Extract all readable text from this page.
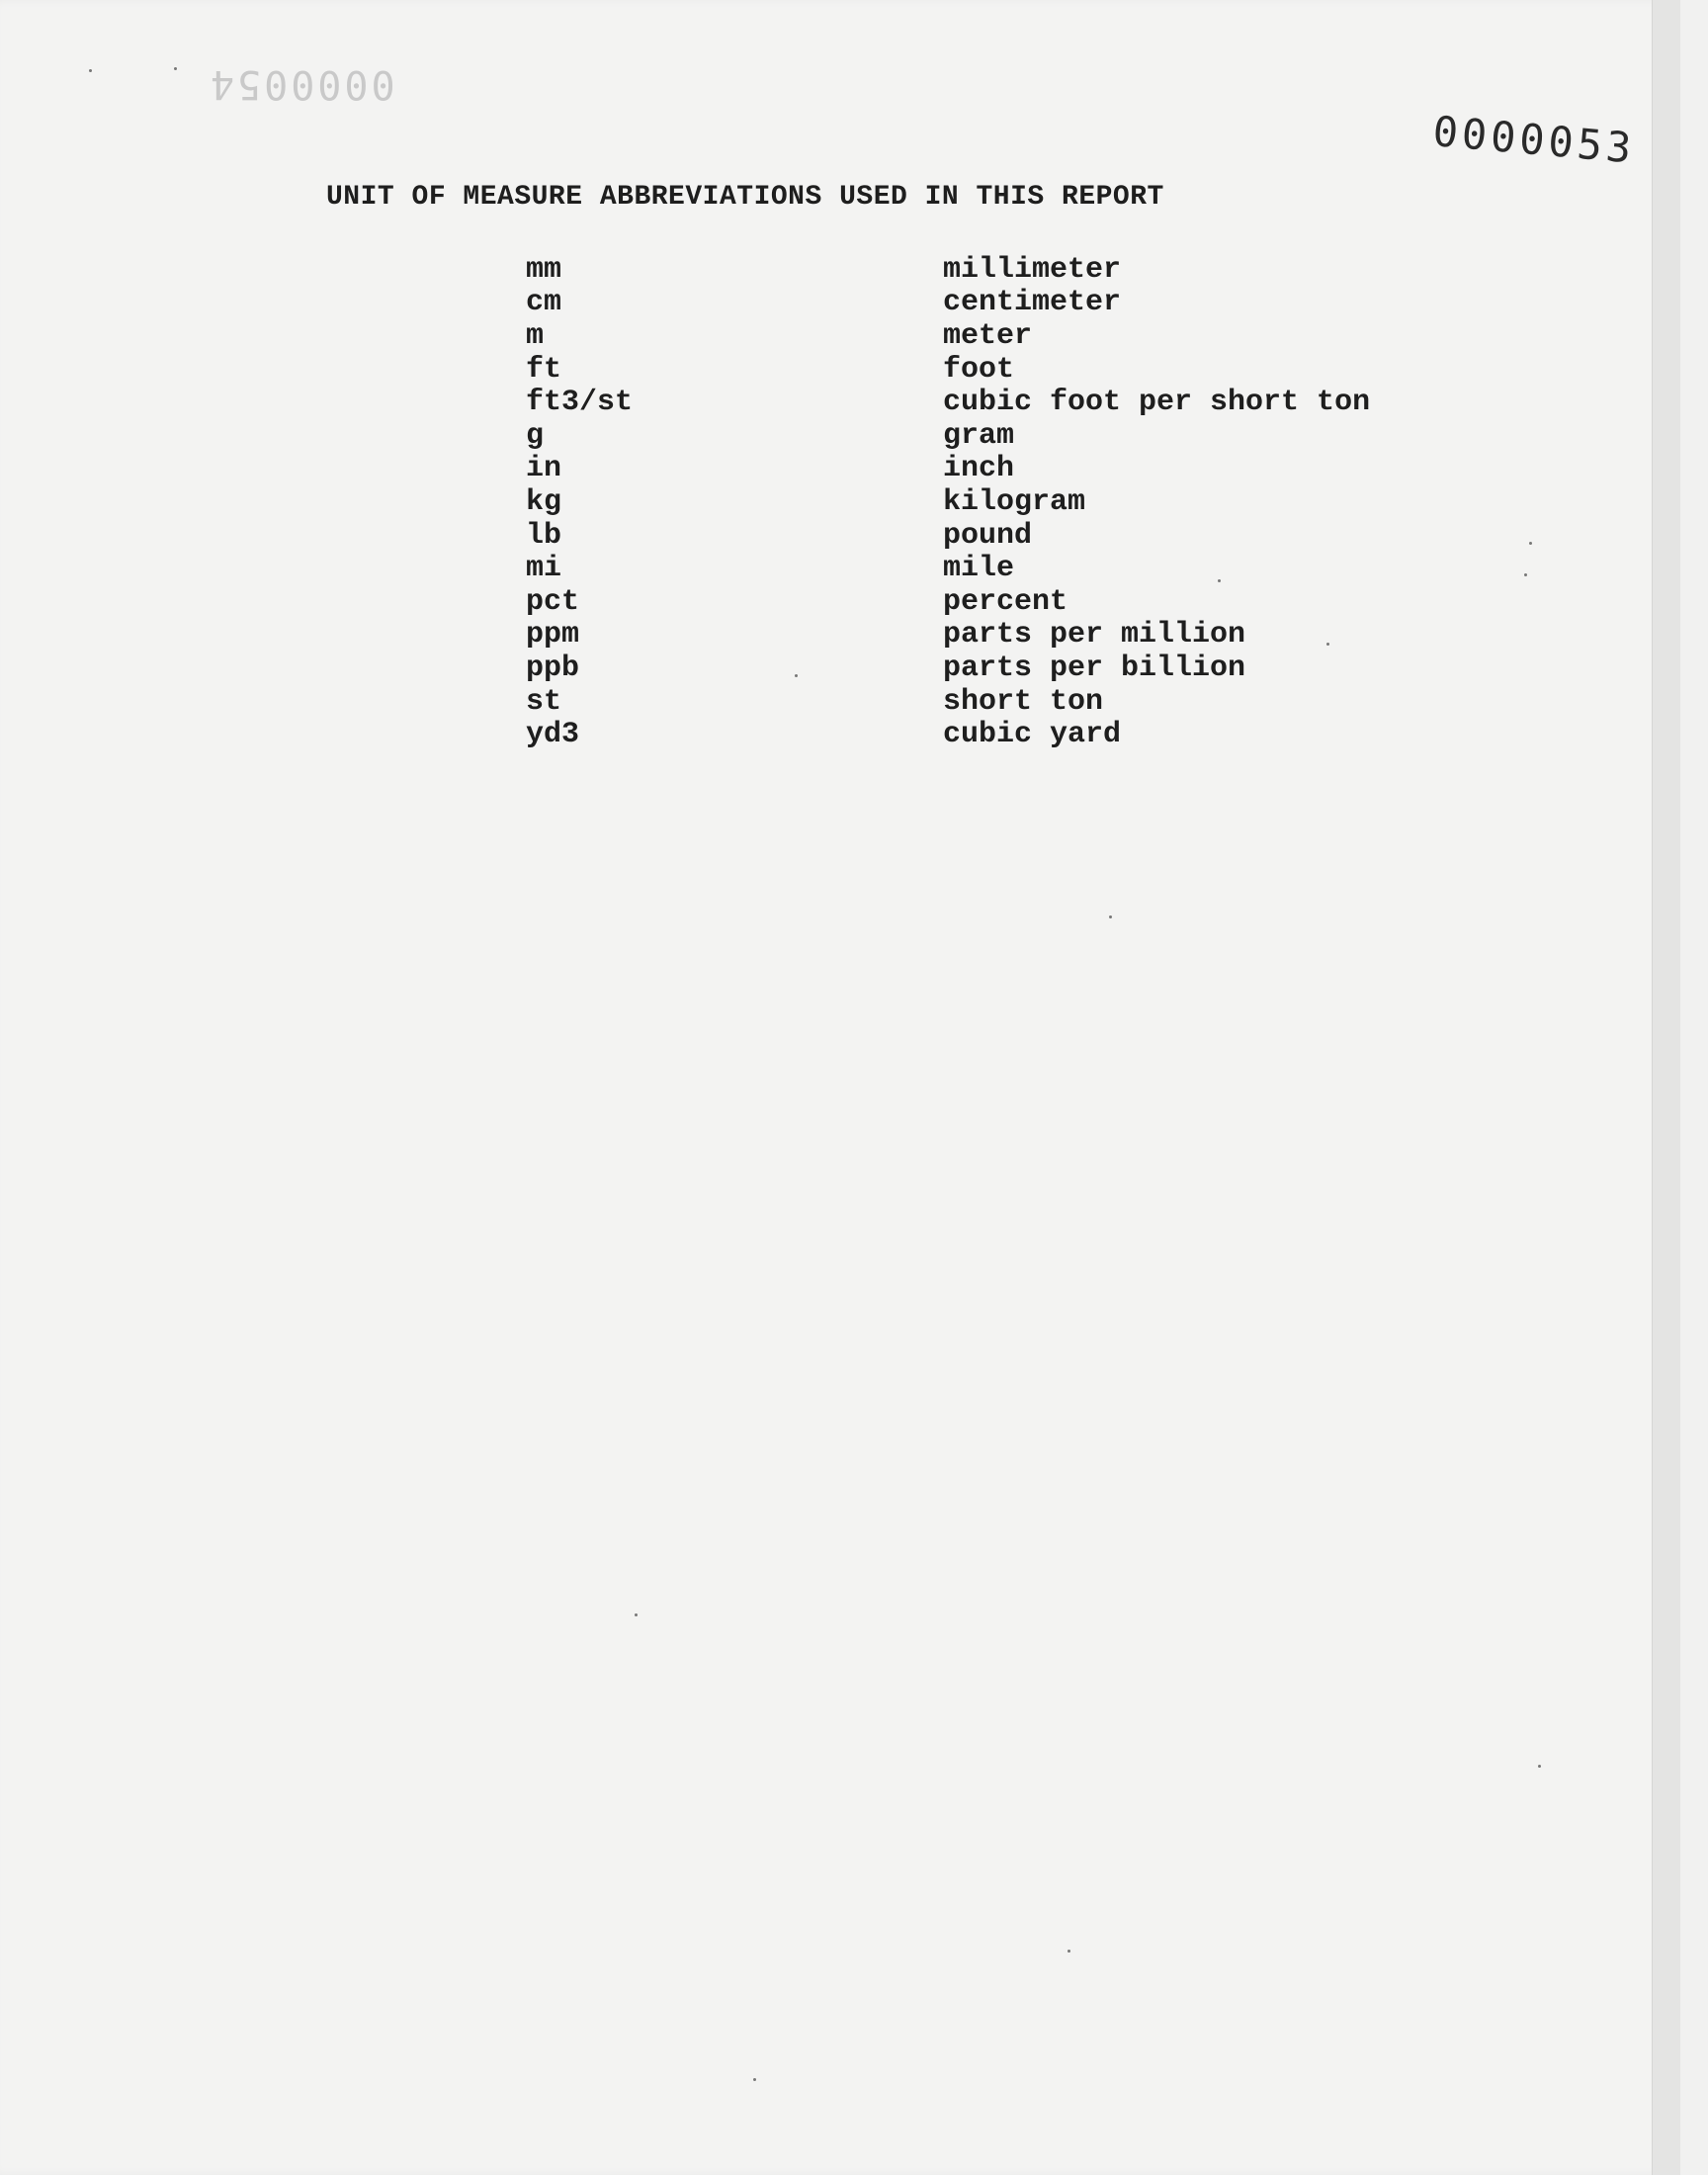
0000054
0000053
UNIT OF MEASURE ABBREVIATIONS USED IN THIS REPORT
mm	millimeter
cm	centimeter
m	meter
ft	foot
ft3/st	cubic foot per short ton
g	gram
in	inch
kg	kilogram
lb	pound
mi	mile
pct	percent
ppm	parts per million
ppb	parts per billion
st	short ton
yd3	cubic yard
